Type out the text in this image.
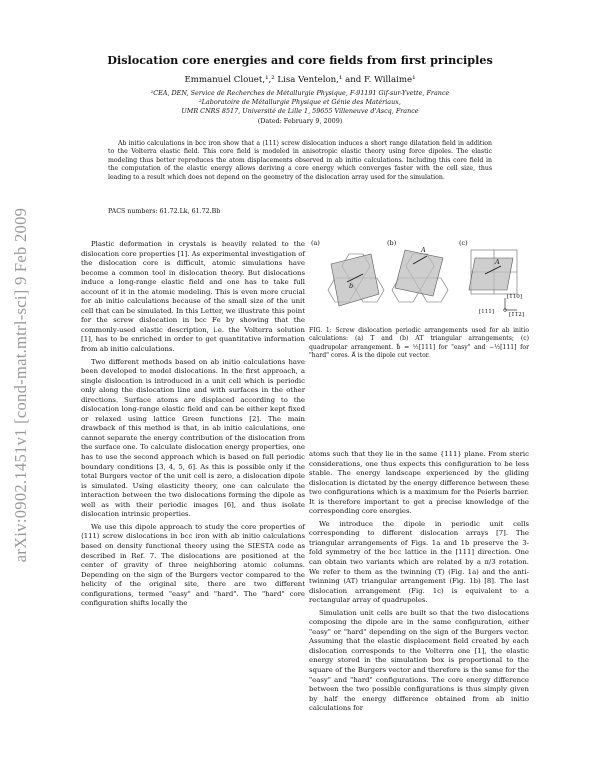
arXiv:0902.1451v1 [cond-mat.mtrl-sci] 9 Feb 2009
Dislocation core energies and core fields from first principles
Emmanuel Clouet,¹,² Lisa Ventelon,¹ and F. Willaime¹
¹CEA, DEN, Service de Recherches de Métallurgie Physique, F-91191 Gif-sur-Yvette, France
²Laboratoire de Métallurgie Physique et Génie des Matériaux,
UMR CNRS 8517, Université de Lille 1, 59655 Villeneuve d'Ascq, France
(Dated: February 9, 2009)
Ab initio calculations in bcc iron show that a ⟨111⟩ screw dislocation induces a short range dilatation field in addition to the Volterra elastic field. This core field is modeled in anisotropic elastic theory using force dipoles. The elastic modeling thus better reproduces the atom displacements observed in ab initio calculations. Including this core field in the computation of the elastic energy allows deriving a core energy which converges faster with the cell size, thus leading to a result which does not depend on the geometry of the dislocation array used for the simulation.
PACS numbers: 61.72.Lk, 61.72.Bb

Plastic deformation in crystals is heavily related to the dislocation core properties [1]. As experimental investigation of the dislocation core is difficult, atomic simulations have become a common tool in dislocation theory. But dislocations induce a long-range elastic field and one has to take full account of it in the atomic modeling. This is even more crucial for ab initio calculations because of the small size of the unit cell that can be simulated. In this Letter, we illustrate this point for the screw dislocation in bcc Fe by showing that the commonly-used elastic description, i.e. the Volterra solution [1], has to be enriched in order to get quantitative information from ab initio calculations.

Two different methods based on ab initio calculations have been developed to model dislocations. In the first approach, a single dislocation is introduced in a unit cell which is periodic only along the dislocation line and with surfaces in the other directions. Surface atoms are displaced according to the dislocation long-range elastic field and can be either kept fixed or relaxed using lattice Green functions [2]. The main drawback of this method is that, in ab initio calculations, one cannot separate the energy contribution of the dislocation from the surface one. To calculate dislocation energy properties, one has to use the second approach which is based on full periodic boundary conditions [3, 4, 5, 6]. As this is possible only if the total Burgers vector of the unit cell is zero, a dislocation dipole is simulated. Using elasticity theory, one can calculate the interaction between the two dislocations forming the dipole as well as with their periodic images [6], and thus isolate dislocation intrinsic properties.

We use this dipole approach to study the core properties of ⟨111⟩ screw dislocations in bcc iron with ab initio calculations based on density functional theory using the SIESTA code as described in Ref. 7. The dislocations are positioned at the center of gravity of three neighboring atomic columns. Depending on the sign of the Burgers vector compared to the helicity of the original site, there are two different configurations, termed "easy" and "hard". The "hard" core configuration shifts locally the

(a)
b
(b)
A
(c)
A
[111]
[1̄10]
[1̄1̄2]
FIG. 1: Screw dislocation periodic arrangements used for ab initio calculations: (a) T and (b) AT triangular arrangements; (c) quadrupolar arrangement. b⃗ = ½[111] for "easy" and −½[111] for "hard" cores. A⃗ is the dipole cut vector.

atoms such that they lie in the same {111} plane. From steric considerations, one thus expects this configuration to be less stable. The energy landscape experienced by the gliding dislocation is dictated by the energy difference between these two configurations which is a maximum for the Peierls barrier. It is therefore important to get a precise knowledge of the corresponding core energies.

We introduce the dipole in periodic unit cells corresponding to different dislocation arrays [7]. The triangular arrangements of Figs. 1a and 1b preserve the 3-fold symmetry of the bcc lattice in the [111] direction. One can obtain two variants which are related by a π/3 rotation. We refer to them as the twinning (T) (Fig. 1a) and the anti-twinning (AT) triangular arrangement (Fig. 1b) [8]. The last dislocation arrangement (Fig. 1c) is equivalent to a rectangular array of quadrupoles.

Simulation unit cells are built so that the two dislocations composing the dipole are in the same configuration, either "easy" or "hard" depending on the sign of the Burgers vector. Assuming that the elastic displacement field created by each dislocation corresponds to the Volterra one [1], the elastic energy stored in the simulation box is proportional to the square of the Burgers vector and therefore is the same for the "easy" and "hard" configurations. The core energy difference between the two possible configurations is thus simply given by half the energy difference obtained from ab initio calculations for
